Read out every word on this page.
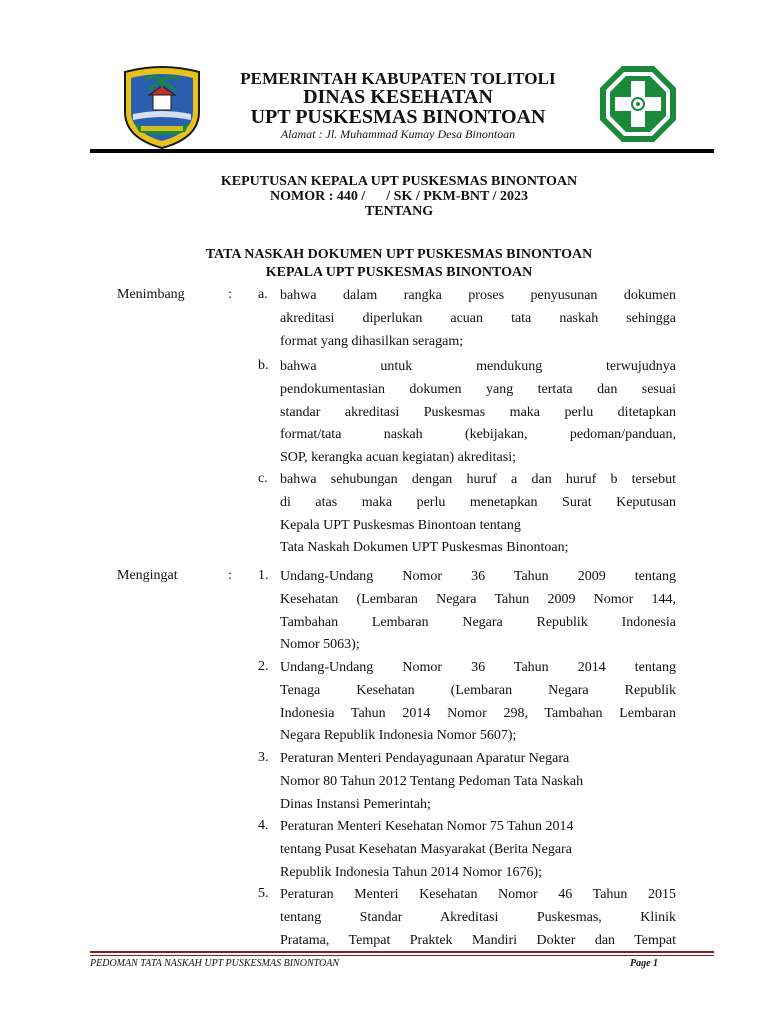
PEMERINTAH KABUPATEN TOLITOLI
DINAS KESEHATAN
UPT PUSKESMAS BINONTOAN
Alamat : Jl. Muhammad Kumay Desa Binontoan
KEPUTUSAN KEPALA UPT PUSKESMAS BINONTOAN
NOMOR : 440 /      / SK / PKM-BNT / 2023
TENTANG
TATA NASKAH DOKUMEN UPT PUSKESMAS BINONTOAN
KEPALA UPT PUSKESMAS BINONTOAN
Menimbang	: a. bahwa dalam rangka proses penyusunan dokumen
akreditasi diperlukan acuan tata naskah sehingga
format yang dihasilkan seragam;
b. bahwa untuk mendukung terwujudnya
pendokumentasian dokumen yang tertata dan sesuai
standar akreditasi Puskesmas maka perlu ditetapkan
format/tata naskah (kebijakan, pedoman/panduan,
SOP, kerangka acuan kegiatan) akreditasi;
c. bahwa sehubungan dengan huruf a dan huruf b tersebut
di atas maka perlu menetapkan Surat Keputusan
Kepala UPT Puskesmas Binontoan tentang
Tata Naskah Dokumen UPT Puskesmas Binontoan;
Mengingat	: 1. Undang-Undang Nomor 36 Tahun 2009 tentang
Kesehatan (Lembaran Negara Tahun 2009 Nomor 144,
Tambahan Lembaran Negara Republik Indonesia
Nomor 5063);
2. Undang-Undang Nomor 36 Tahun 2014 tentang
Tenaga Kesehatan (Lembaran Negara Republik
Indonesia Tahun 2014 Nomor 298, Tambahan Lembaran
Negara Republik Indonesia Nomor 5607);
3. Peraturan Menteri Pendayagunaan Aparatur Negara
Nomor 80 Tahun 2012 Tentang Pedoman Tata Naskah
Dinas Instansi Pemerintah;
4. Peraturan Menteri Kesehatan Nomor 75 Tahun 2014
tentang Pusat Kesehatan Masyarakat (Berita Negara
Republik Indonesia Tahun 2014 Nomor 1676);
5. Peraturan Menteri Kesehatan Nomor 46 Tahun 2015
tentang Standar Akreditasi Puskesmas, Klinik
Pratama, Tempat Praktek Mandiri Dokter dan Tempat
PEDOMAN TATA NASKAH UPT PUSKESMAS BINONTOAN	Page 1
